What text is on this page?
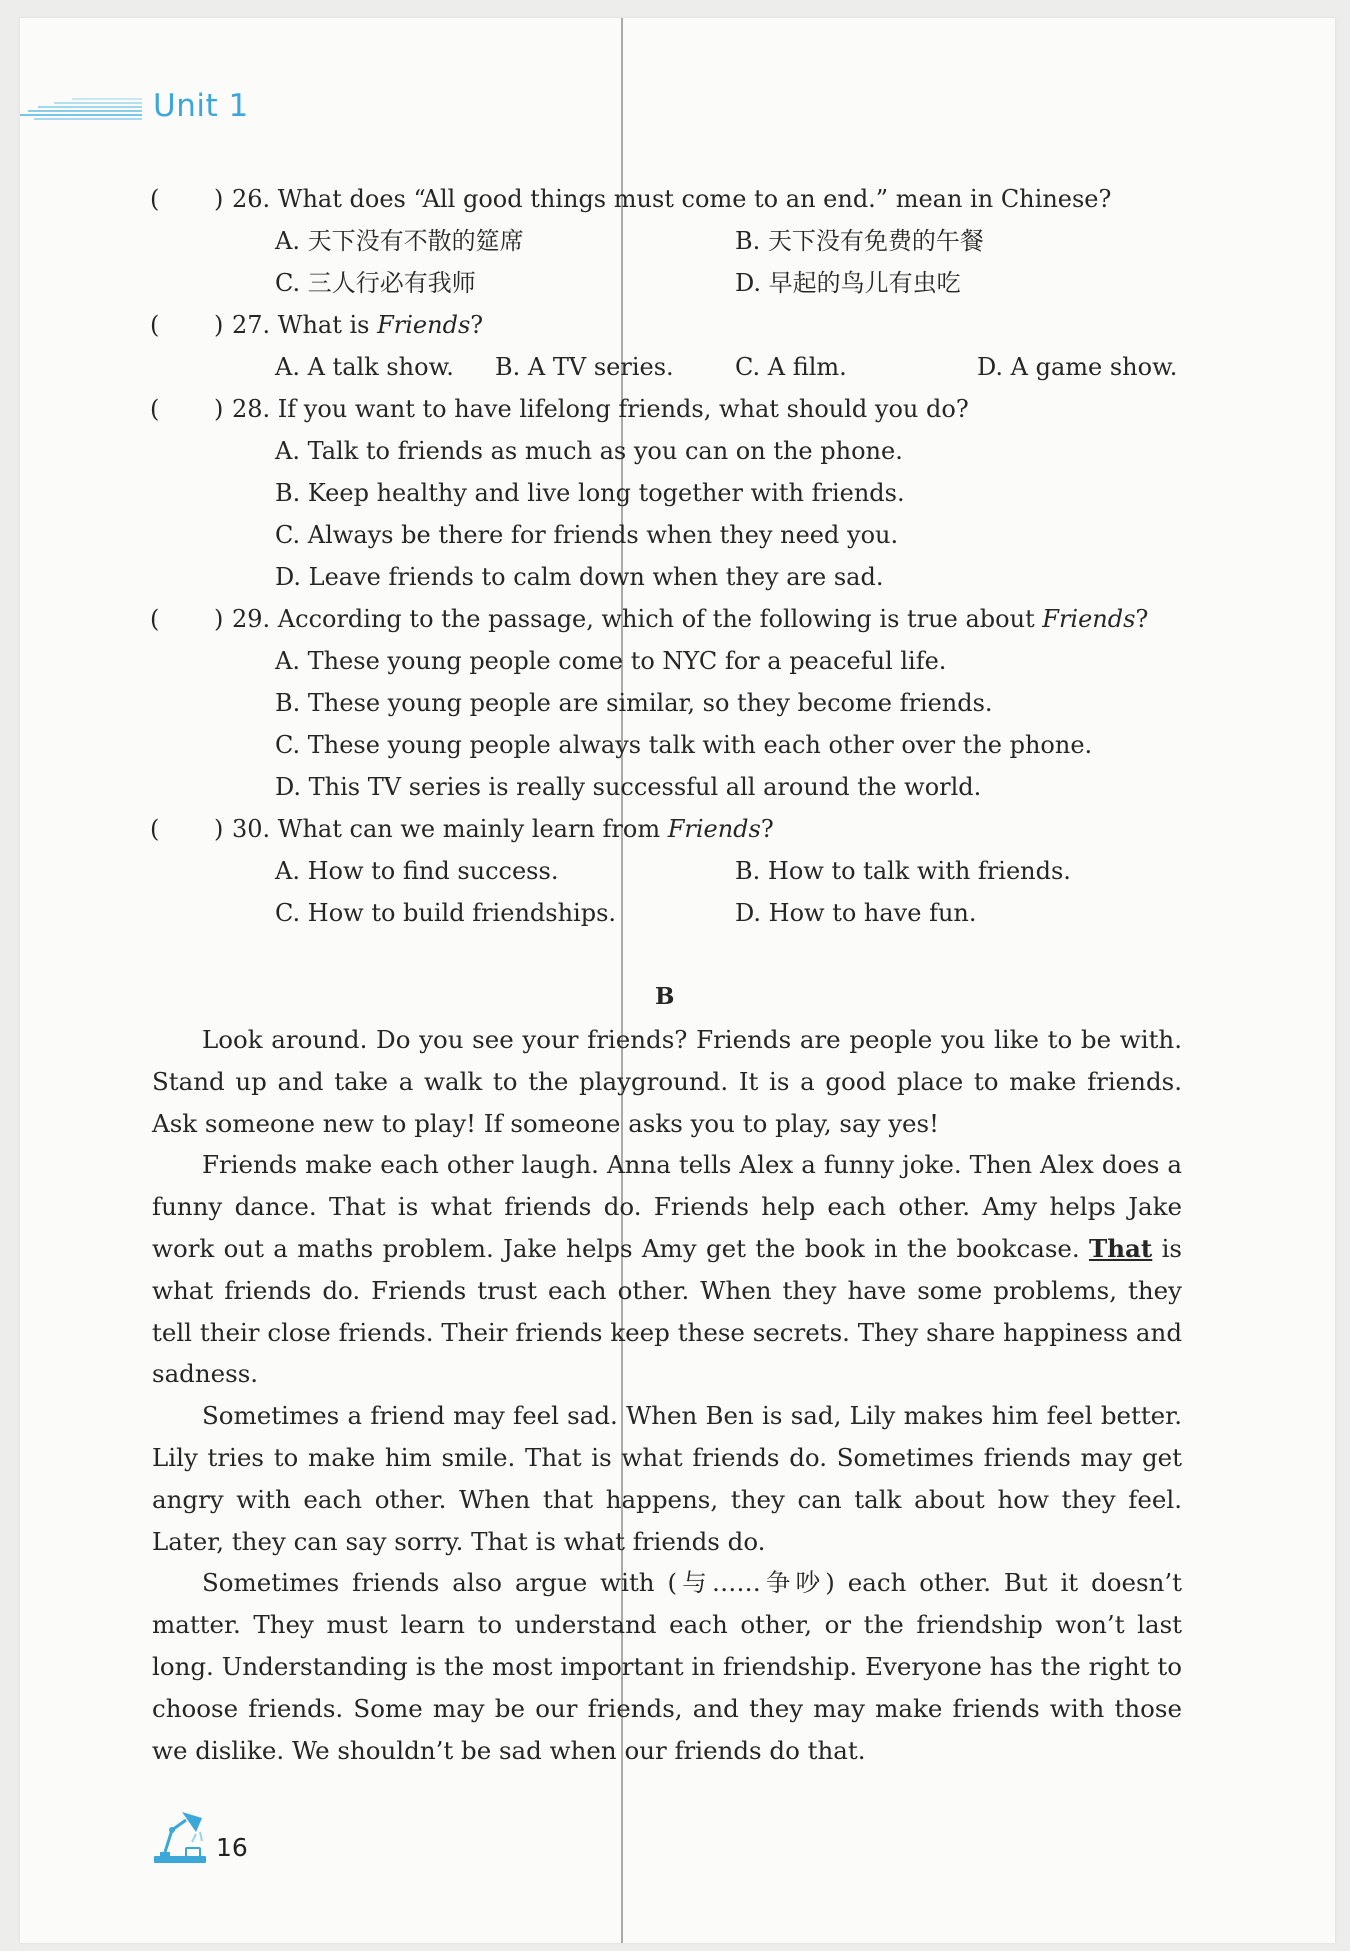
Unit 1
( ) 26. What does “All good things must come to an end.” mean in Chinese?
A. 天下没有不散的筵席	B. 天下没有免费的午餐
C. 三人行必有我师	D. 早起的鸟儿有虫吃
( ) 27. What is Friends?
A. A talk show. B. A TV series.	C. A film.	D. A game show.
( ) 28. If you want to have lifelong friends, what should you do?
A. Talk to friends as much as you can on the phone.
B. Keep healthy and live long together with friends.
C. Always be there for friends when they need you.
D. Leave friends to calm down when they are sad.
( ) 29. According to the passage, which of the following is true about Friends?
A. These young people come to NYC for a peaceful life.
B. These young people are similar, so they become friends.
C. These young people always talk with each other over the phone.
D. This TV series is really successful all around the world.
( ) 30. What can we mainly learn from Friends?
A. How to find success.	B. How to talk with friends.
C. How to build friendships.	D. How to have fun.
B

Look around. Do you see your friends? Friends are people you like to be with. Stand up and take a walk to the playground. It is a good place to make friends. Ask someone new to play! If someone asks you to play, say yes!

Friends make each other laugh. Anna tells Alex a funny joke. Then Alex does a funny dance. That is what friends do. Friends help each other. Amy helps Jake work out a maths problem. Jake helps Amy get the book in the bookcase. That is what friends do. Friends trust each other. When they have some problems, they tell their close friends. Their friends keep these secrets. They share happiness and sadness.

Sometimes a friend may feel sad. When Ben is sad, Lily makes him feel better. Lily tries to make him smile. That is what friends do. Sometimes friends may get angry with each other. When that happens, they can talk about how they feel. Later, they can say sorry. That is what friends do.

Sometimes friends also argue with (与……争吵) each other. But it doesn’t matter. They must learn to understand each other, or the friendship won’t last long. Understanding is the most important in friendship. Everyone has the right to choose friends. Some may be our friends, and they may make friends with those we dislike. We shouldn’t be sad when our friends do that.

16
